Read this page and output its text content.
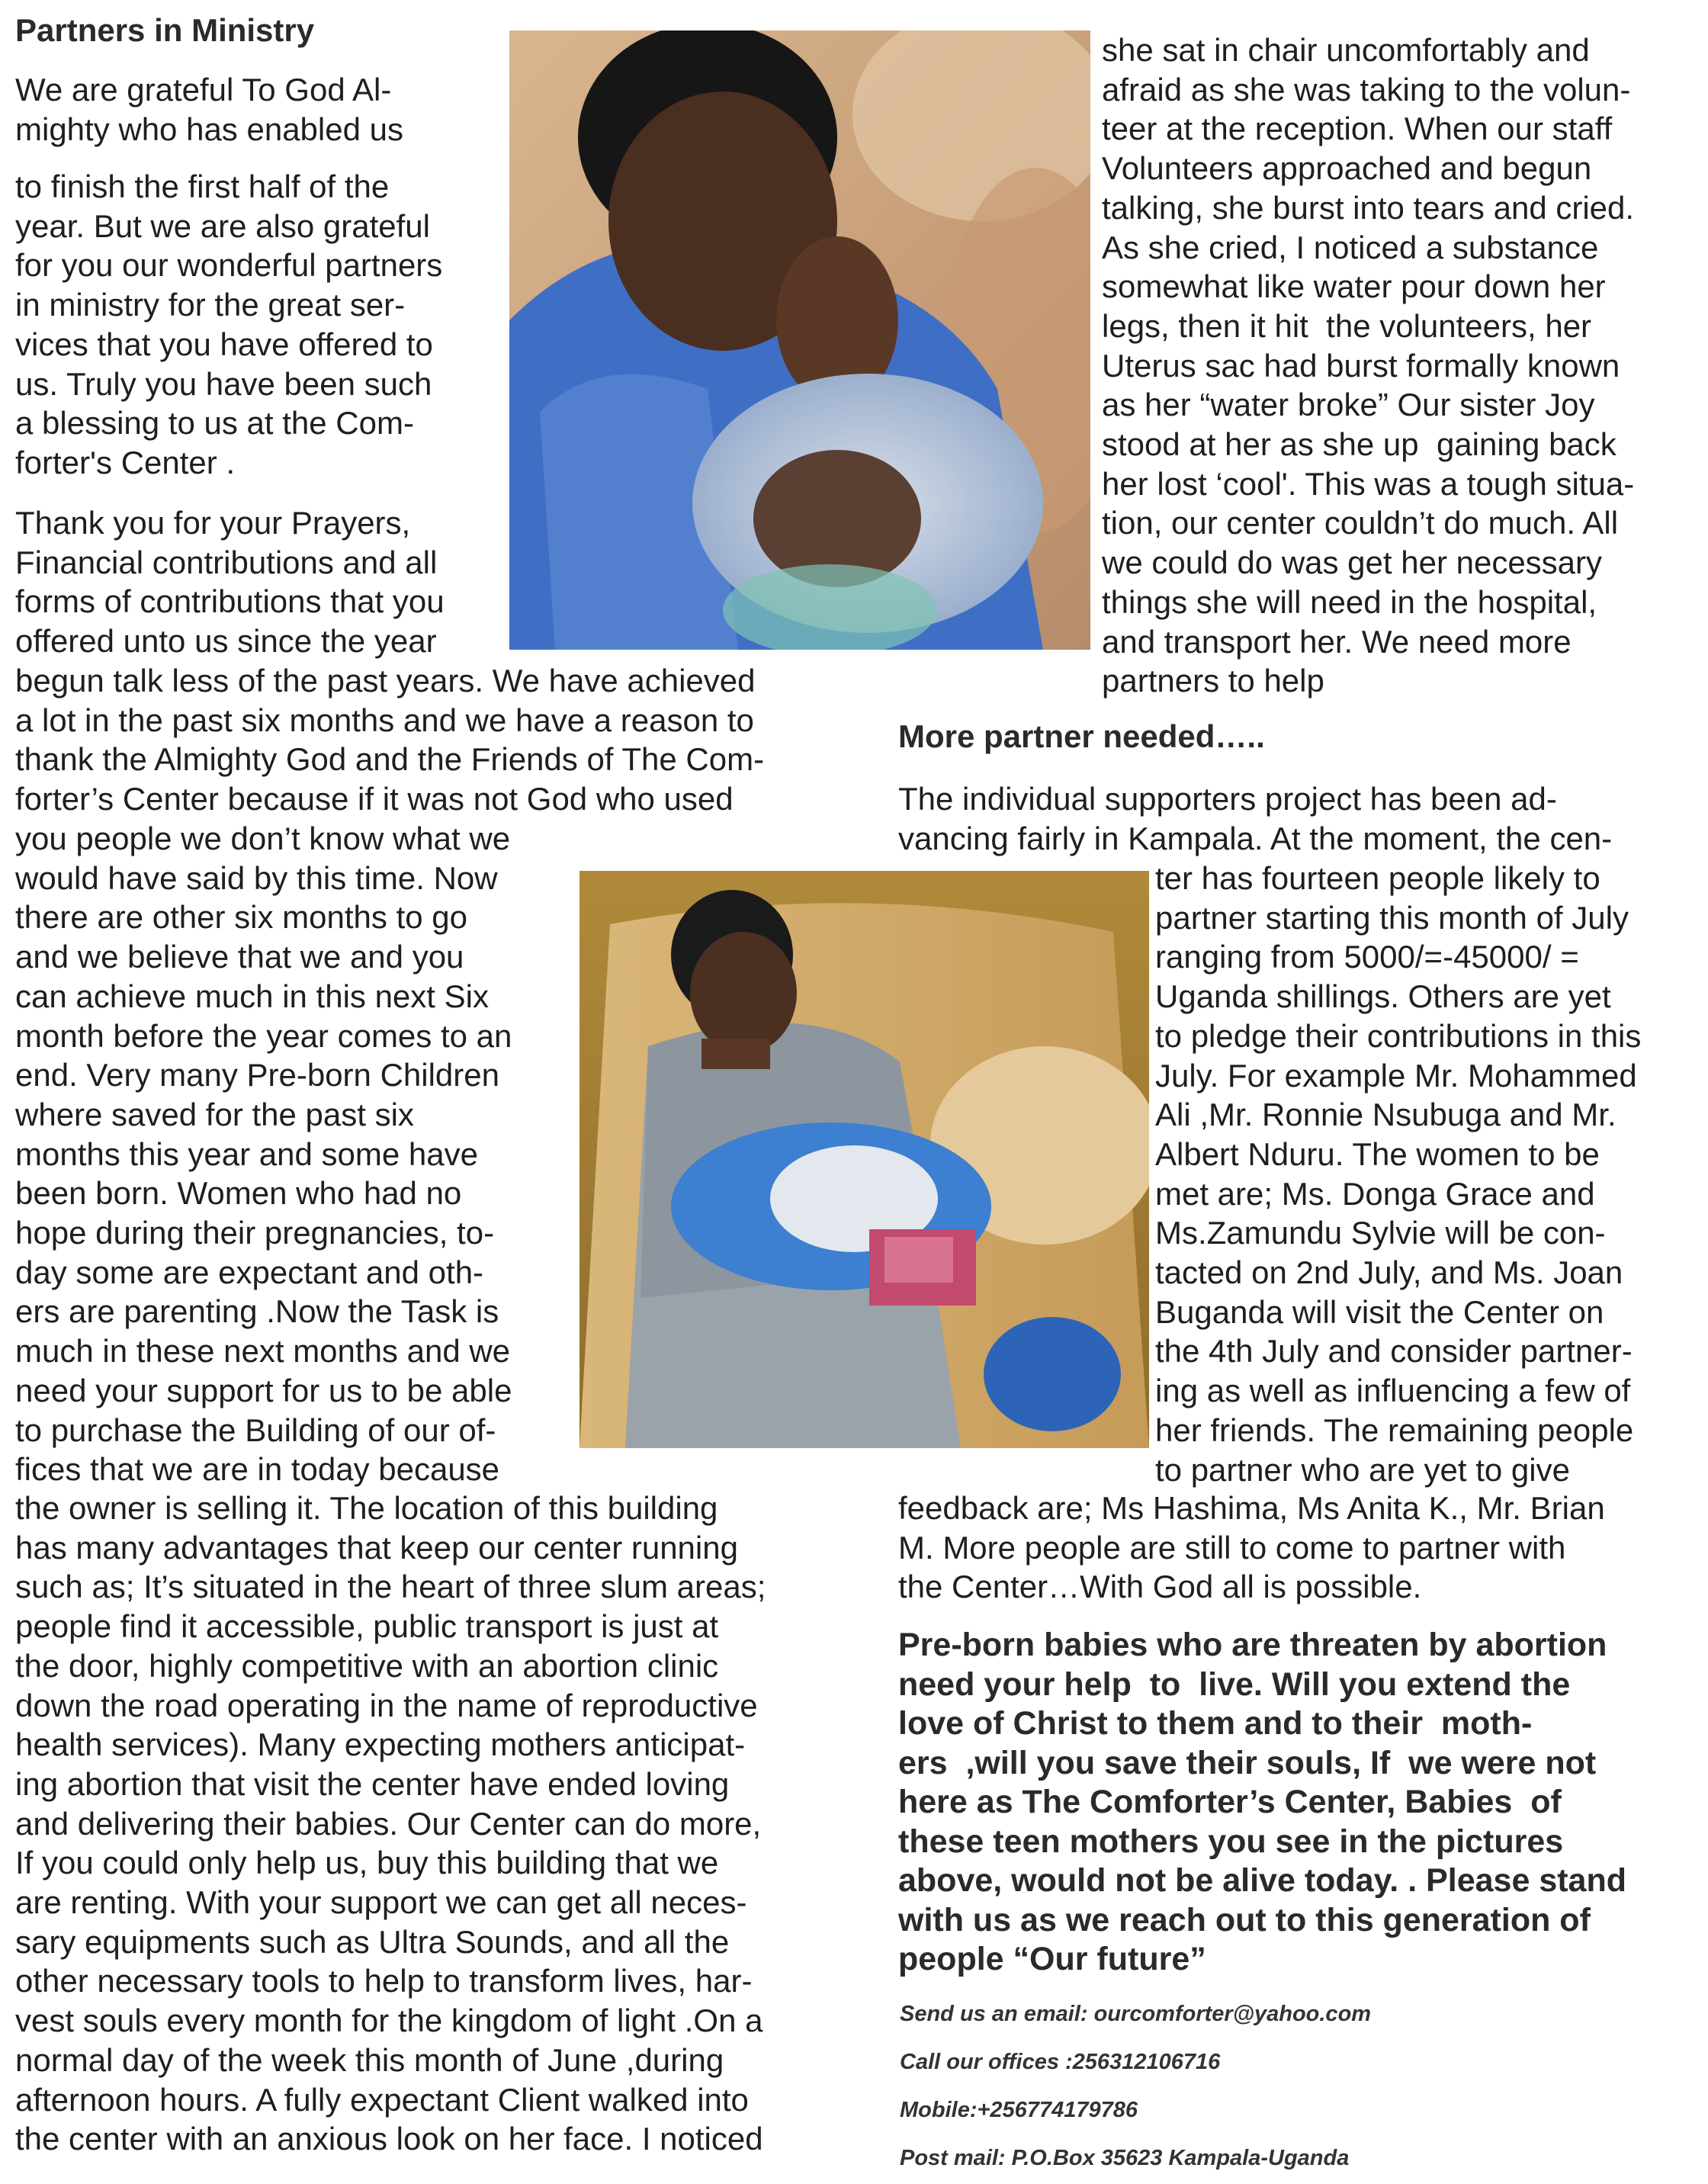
Partners in Ministry

We are grateful To God Al-
mighty who has enabled us

to finish the first half of the
year. But we are also grateful
for you our wonderful partners
in ministry for the great ser-
vices that you have offered to
us. Truly you have been such
a blessing to us at the Com-
forter's Center .

Thank you for your Prayers,
Financial contributions and all
forms of contributions that you
offered unto us since the year

begun talk less of the past years. We have achieved
a lot in the past six months and we have a reason to
thank the Almighty God and the Friends of The Com-
forter’s Center because if it was not God who used

you people we don’t know what we
would have said by this time. Now
there are other six months to go
and we believe that we and you
can achieve much in this next Six
month before the year comes to an
end. Very many Pre-born Children
where saved for the past six
months this year and some have
been born. Women who had no
hope during their pregnancies, to-
day some are expectant and oth-
ers are parenting .Now the Task is
much in these next months and we
need your support for us to be able
to purchase the Building of our of-
fices that we are in today because

the owner is selling it. The location of this building
has many advantages that keep our center running
such as; It’s situated in the heart of three slum areas;
people find it accessible, public transport is just at
the door, highly competitive with an abortion clinic
down the road operating in the name of reproductive
health services). Many expecting mothers anticipat-
ing abortion that visit the center have ended loving
and delivering their babies. Our Center can do more,
If you could only help us, buy this building that we
are renting. With your support we can get all neces-
sary equipments such as Ultra Sounds, and all the
other necessary tools to help to transform lives, har-
vest souls every month for the kingdom of light .On a
normal day of the week this month of June ,during
afternoon hours. A fully expectant Client walked into
the center with an anxious look on her face. I noticed

she sat in chair uncomfortably and
afraid as she was taking to the volun-
teer at the reception. When our staff
Volunteers approached and begun
talking, she burst into tears and cried.
As she cried, I noticed a substance
somewhat like water pour down her
legs, then it hit  the volunteers, her
Uterus sac had burst formally known
as her “water broke” Our sister Joy
stood at her as she up  gaining back
her lost ‘cool'. This was a tough situa-
tion, our center couldn’t do much. All
we could do was get her necessary
things she will need in the hospital,
and transport her. We need more
partners to help

More partner needed…..

The individual supporters project has been ad-
vancing fairly in Kampala. At the moment, the cen-

ter has fourteen people likely to
partner starting this month of July
ranging from 5000/=-45000/ =
Uganda shillings. Others are yet
to pledge their contributions in this
July. For example Mr. Mohammed
Ali ,Mr. Ronnie Nsubuga and Mr.
Albert Nduru. The women to be
met are; Ms. Donga Grace and
Ms.Zamundu Sylvie will be con-
tacted on 2nd July, and Ms. Joan
Buganda will visit the Center on
the 4th July and consider partner-
ing as well as influencing a few of
her friends. The remaining people
to partner who are yet to give

feedback are; Ms Hashima, Ms Anita K., Mr. Brian
M. More people are still to come to partner with
the Center…With God all is possible.

Pre-born babies who are threaten by abortion
need your help  to  live. Will you extend the
love of Christ to them and to their  moth-
ers  ,will you save their souls, If  we were not
here as The Comforter’s Center, Babies  of
these teen mothers you see in the pictures
above, would not be alive today. . Please stand
with us as we reach out to this generation of
people “Our future”

Send us an email: ourcomforter@yahoo.com

Call our offices :256312106716

Mobile:+256774179786

Post mail: P.O.Box 35623 Kampala-Uganda
